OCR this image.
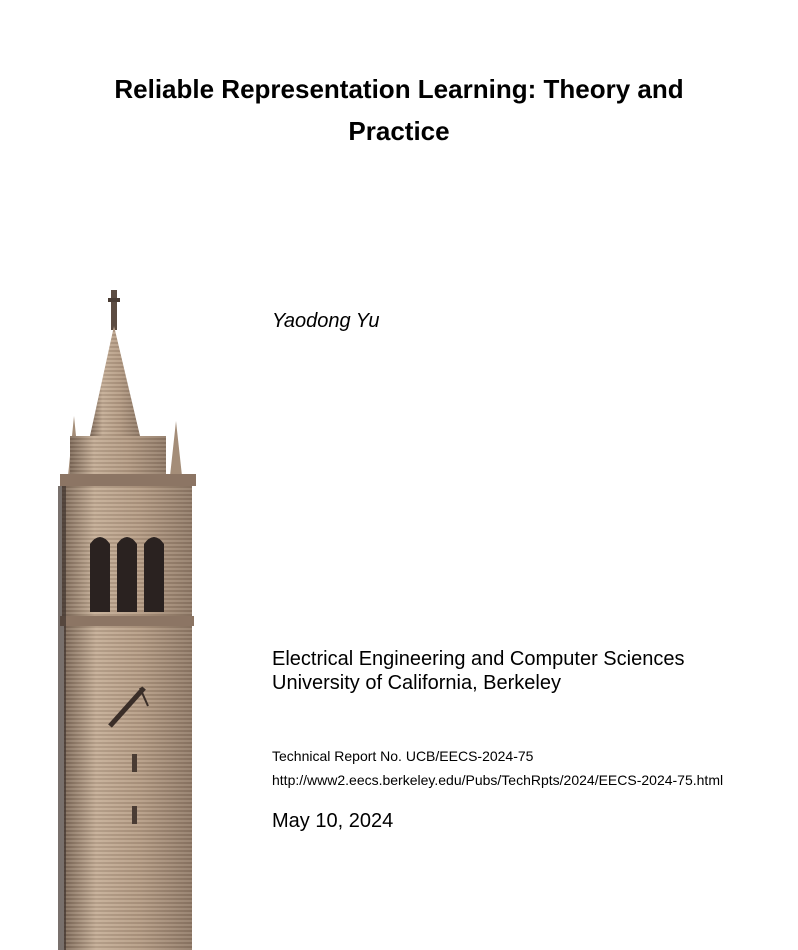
Reliable Representation Learning: Theory and
Practice
Yaodong Yu
Electrical Engineering and Computer Sciences
University of California, Berkeley
Technical Report No. UCB/EECS-2024-75
http://www2.eecs.berkeley.edu/Pubs/TechRpts/2024/EECS-2024-75.html
May 10, 2024
